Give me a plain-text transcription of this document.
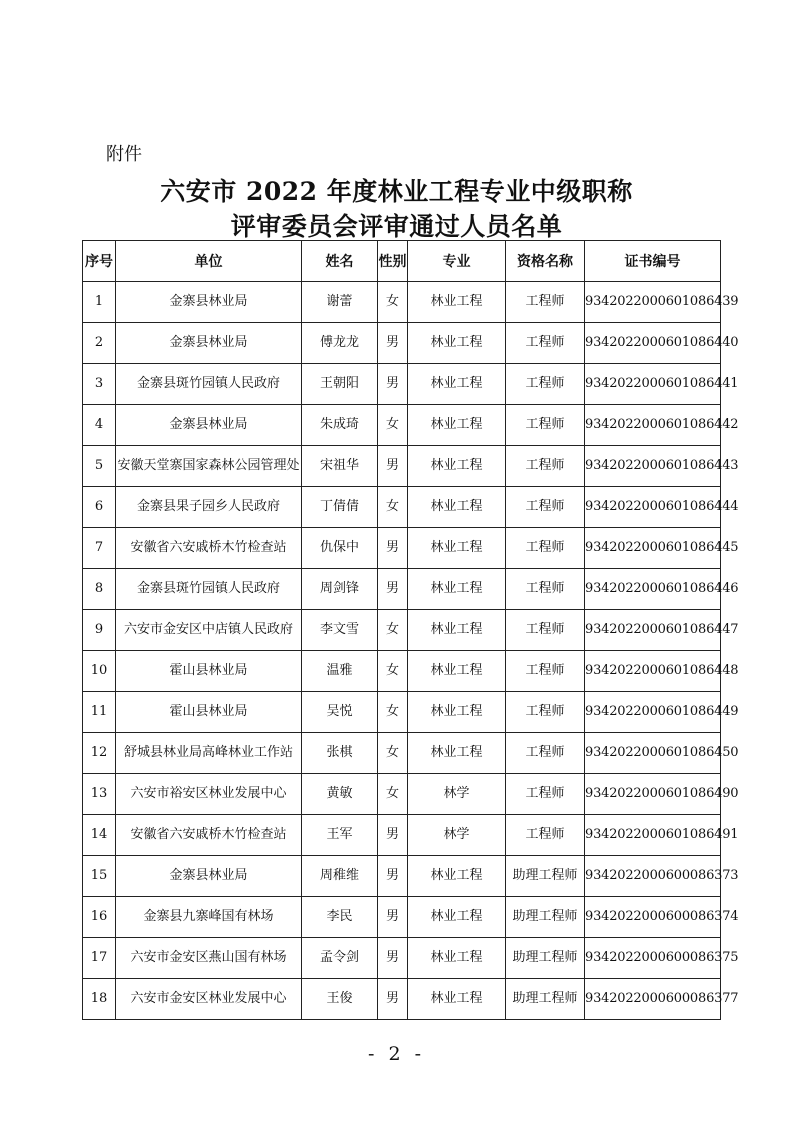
附件
六安市 2022 年度林业工程专业中级职称
评审委员会评审通过人员名单
序号	单位	姓名	性别	专业	资格名称	证书编号
1	金寨县林业局	谢蕾	女	林业工程	工程师	9342022000601086439
2	金寨县林业局	傅龙龙	男	林业工程	工程师	9342022000601086440
3	金寨县斑竹园镇人民政府	王朝阳	男	林业工程	工程师	9342022000601086441
4	金寨县林业局	朱成琦	女	林业工程	工程师	9342022000601086442
5	安徽天堂寨国家森林公园管理处	宋祖华	男	林业工程	工程师	9342022000601086443
6	金寨县果子园乡人民政府	丁倩倩	女	林业工程	工程师	9342022000601086444
7	安徽省六安戚桥木竹检查站	仇保中	男	林业工程	工程师	9342022000601086445
8	金寨县斑竹园镇人民政府	周剑锋	男	林业工程	工程师	9342022000601086446
9	六安市金安区中店镇人民政府	李文雪	女	林业工程	工程师	9342022000601086447
10	霍山县林业局	温雅	女	林业工程	工程师	9342022000601086448
11	霍山县林业局	吴悦	女	林业工程	工程师	9342022000601086449
12	舒城县林业局高峰林业工作站	张棋	女	林业工程	工程师	9342022000601086450
13	六安市裕安区林业发展中心	黄敏	女	林学	工程师	9342022000601086490
14	安徽省六安戚桥木竹检查站	王军	男	林学	工程师	9342022000601086491
15	金寨县林业局	周稚维	男	林业工程	助理工程师	9342022000600086373
16	金寨县九寨峰国有林场	李民	男	林业工程	助理工程师	9342022000600086374
17	六安市金安区燕山国有林场	孟令剑	男	林业工程	助理工程师	9342022000600086375
18	六安市金安区林业发展中心	王俊	男	林业工程	助理工程师	9342022000600086377
- 2 -
